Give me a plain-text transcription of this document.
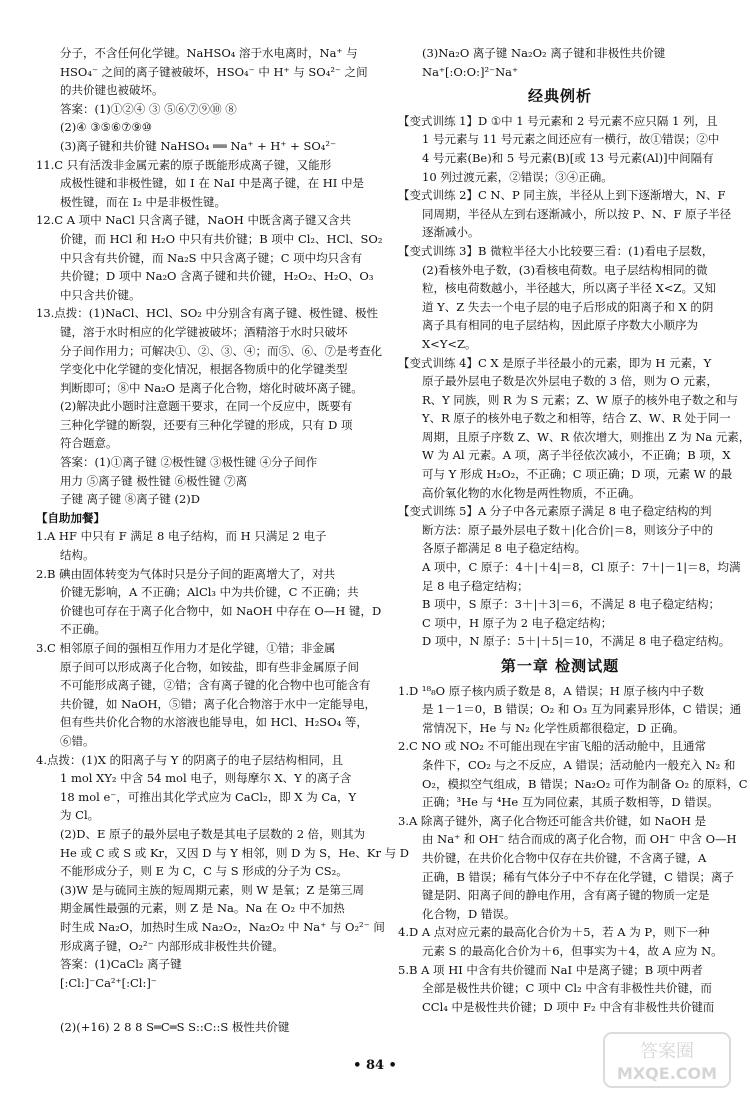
分子，不含任何化学键。NaHSO₄ 溶于水电离时，Na⁺ 与
HSO₄⁻ 之间的离子键被破坏，HSO₄⁻ 中 H⁺ 与 SO₄²⁻ 之间
的共价键也被破坏。
答案：(1)①②④ ③ ⑤⑥⑦⑨⑩ ⑧
(2)④ ③⑤⑥⑦⑨⑩
(3)离子键和共价键 NaHSO₄ ══ Na⁺ + H⁺ + SO₄²⁻
11.C 只有活泼非金属元素的原子既能形成离子键，又能形
成极性键和非极性键，如 I 在 NaI 中是离子键，在 HI 中是
极性键，而在 I₂ 中是非极性键。
12.C A 项中 NaCl 只含离子键，NaOH 中既含离子键又含共
价键，而 HCl 和 H₂O 中只有共价键；B 项中 Cl₂、HCl、SO₂
中只含有共价键，而 Na₂S 中只含离子键；C 项中均只含有
共价键；D 项中 Na₂O 含离子键和共价键，H₂O₂、H₂O、O₃
中只含共价键。
13.点拨：(1)NaCl、HCl、SO₂ 中分别含有离子键、极性键、极性
键，溶于水时相应的化学键被破坏；酒精溶于水时只破坏
分子间作用力；可解决①、②、③、④；而⑤、⑥、⑦是考查化
学变化中化学键的变化情况，根据各物质中的化学键类型
判断即可；⑧中 Na₂O 是离子化合物，熔化时破坏离子键。
(2)解决此小题时注意题干要求，在同一个反应中，既要有
三种化学键的断裂，还要有三种化学键的形成，只有 D 项
符合题意。
答案：(1)①离子键 ②极性键 ③极性键 ④分子间作
用力 ⑤离子键 极性键 ⑥极性键 ⑦离
子键 离子键 ⑧离子键 (2)D
【自助加餐】
1.A HF 中只有 F 满足 8 电子结构，而 H 只满足 2 电子
结构。
2.B 碘由固体转变为气体时只是分子间的距离增大了，对共
价键无影响，A 不正确；AlCl₃ 中为共价键，C 不正确；共
价键也可存在于离子化合物中，如 NaOH 中存在 O—H 键，D
不正确。
3.C 相邻原子间的强相互作用力才是化学键，①错；非金属
原子间可以形成离子化合物，如铵盐，即有些非金属原子间
不可能形成离子键，②错；含有离子键的化合物中也可能含有
共价键，如 NaOH，⑤错；离子化合物溶于水中一定能导电，
但有些共价化合物的水溶液也能导电，如 HCl、H₂SO₄ 等，
⑥错。
4.点拨：(1)X 的阳离子与 Y 的阴离子的电子层结构相同，且
1 mol XY₂ 中含 54 mol 电子，则每摩尔 X、Y 的离子含
18 mol e⁻，可推出其化学式应为 CaCl₂，即 X 为 Ca，Y
为 Cl。
(2)D、E 原子的最外层电子数是其电子层数的 2 倍，则其为
He 或 C 或 S 或 Kr，又因 D 与 Y 相邻，则 D 为 S，He、Kr 与 D
不能形成分子，则 E 为 C，C 与 S 形成的分子为 CS₂。
(3)W 是与硫同主族的短周期元素，则 W 是氧；Z 是第三周
期金属性最强的元素，则 Z 是 Na。Na 在 O₂ 中不加热
时生成 Na₂O，加热时生成 Na₂O₂，Na₂O₂ 中 Na⁺ 与 O₂²⁻ 间
形成离子键，O₂²⁻ 内部形成非极性共价键。
答案：(1)CaCl₂ 离子键
[:Cl:]⁻Ca²⁺[:Cl:]⁻
(2)(+16) 2 8 8 S═C═S S::C::S 极性共价键
(3)Na₂O 离子键 Na₂O₂ 离子键和非极性共价键
Na⁺[:O:O:]²⁻Na⁺
经典例析
【变式训练 1】D ①中 1 号元素和 2 号元素不应只隔 1 列，且
1 号元素与 11 号元素之间还应有一横行，故①错误；②中
4 号元素(Be)和 5 号元素(B)[或 13 号元素(Al)]中间隔有
10 列过渡元素，②错误；③④正确。
【变式训练 2】C N、P 同主族，半径从上到下逐渐增大，N、F
同周期，半径从左到右逐渐减小，所以按 P、N、F 原子半径
逐渐减小。
【变式训练 3】B 微粒半径大小比较要三看：(1)看电子层数，
(2)看核外电子数，(3)看核电荷数。电子层结构相同的微
粒，核电荷数越小，半径越大，所以离子半径 X<Z。又知
道 Y、Z 失去一个电子层的电子后形成的阳离子和 X 的阴
离子具有相同的电子层结构，因此原子序数大小顺序为
X<Y<Z。
【变式训练 4】C X 是原子半径最小的元素，即为 H 元素，Y
原子最外层电子数是次外层电子数的 3 倍，则为 O 元素，
R、Y 同族，则 R 为 S 元素；Z、W 原子的核外电子数之和与
Y、R 原子的核外电子数之和相等，结合 Z、W、R 处于同一
周期，且原子序数 Z、W、R 依次增大，则推出 Z 为 Na 元素，
W 为 Al 元素。A 项，离子半径依次减小，不正确；B 项，X
可与 Y 形成 H₂O₂，不正确；C 项正确；D 项，元素 W 的最
高价氧化物的水化物是两性物质，不正确。
【变式训练 5】A 分子中各元素原子满足 8 电子稳定结构的判
断方法：原子最外层电子数＋|化合价|＝8，则该分子中的
各原子都满足 8 电子稳定结构。
A 项中，C 原子：4＋|＋4|＝8，Cl 原子：7＋|－1|＝8，均满
足 8 电子稳定结构；
B 项中，S 原子：3＋|＋3|＝6，不满足 8 电子稳定结构；
C 项中，H 原子为 2 电子稳定结构；
D 项中，N 原子：5＋|＋5|＝10，不满足 8 电子稳定结构。
第一章 检测试题
1.D ¹⁸₈O 原子核内质子数是 8，A 错误；H 原子核内中子数
是 1－1＝0，B 错误；O₂ 和 O₃ 互为同素异形体，C 错误；通
常情况下，He 与 N₂ 化学性质都很稳定，D 正确。
2.C NO 或 NO₂ 不可能出现在宇宙飞船的活动舱中，且通常
条件下，CO₂ 与之不反应，A 错误；活动舱内一般充入 N₂ 和
O₂，模拟空气组成，B 错误；Na₂O₂ 可作为制备 O₂ 的原料，C
正确；³He 与 ⁴He 互为同位素，其质子数相等，D 错误。
3.A 除离子键外，离子化合物还可能含共价键，如 NaOH 是
由 Na⁺ 和 OH⁻ 结合而成的离子化合物，而 OH⁻ 中含 O—H
共价键，在共价化合物中仅存在共价键，不含离子键，A
正确，B 错误；稀有气体分子中不存在化学键，C 错误；离子
键是阴、阳离子间的静电作用，含有离子键的物质一定是
化合物，D 错误。
4.D A 点对应元素的最高化合价为＋5，若 A 为 P，则下一种
元素 S 的最高化合价为＋6，但事实为＋4，故 A 应为 N。
5.B A 项 HI 中含有共价键而 NaI 中是离子键；B 项中两者
全部是极性共价键；C 项中 Cl₂ 中含有非极性共价键，而
CCl₄ 中是极性共价键；D 项中 F₂ 中含有非极性共价键而
• 84 •
答案圈
MXQE.COM
